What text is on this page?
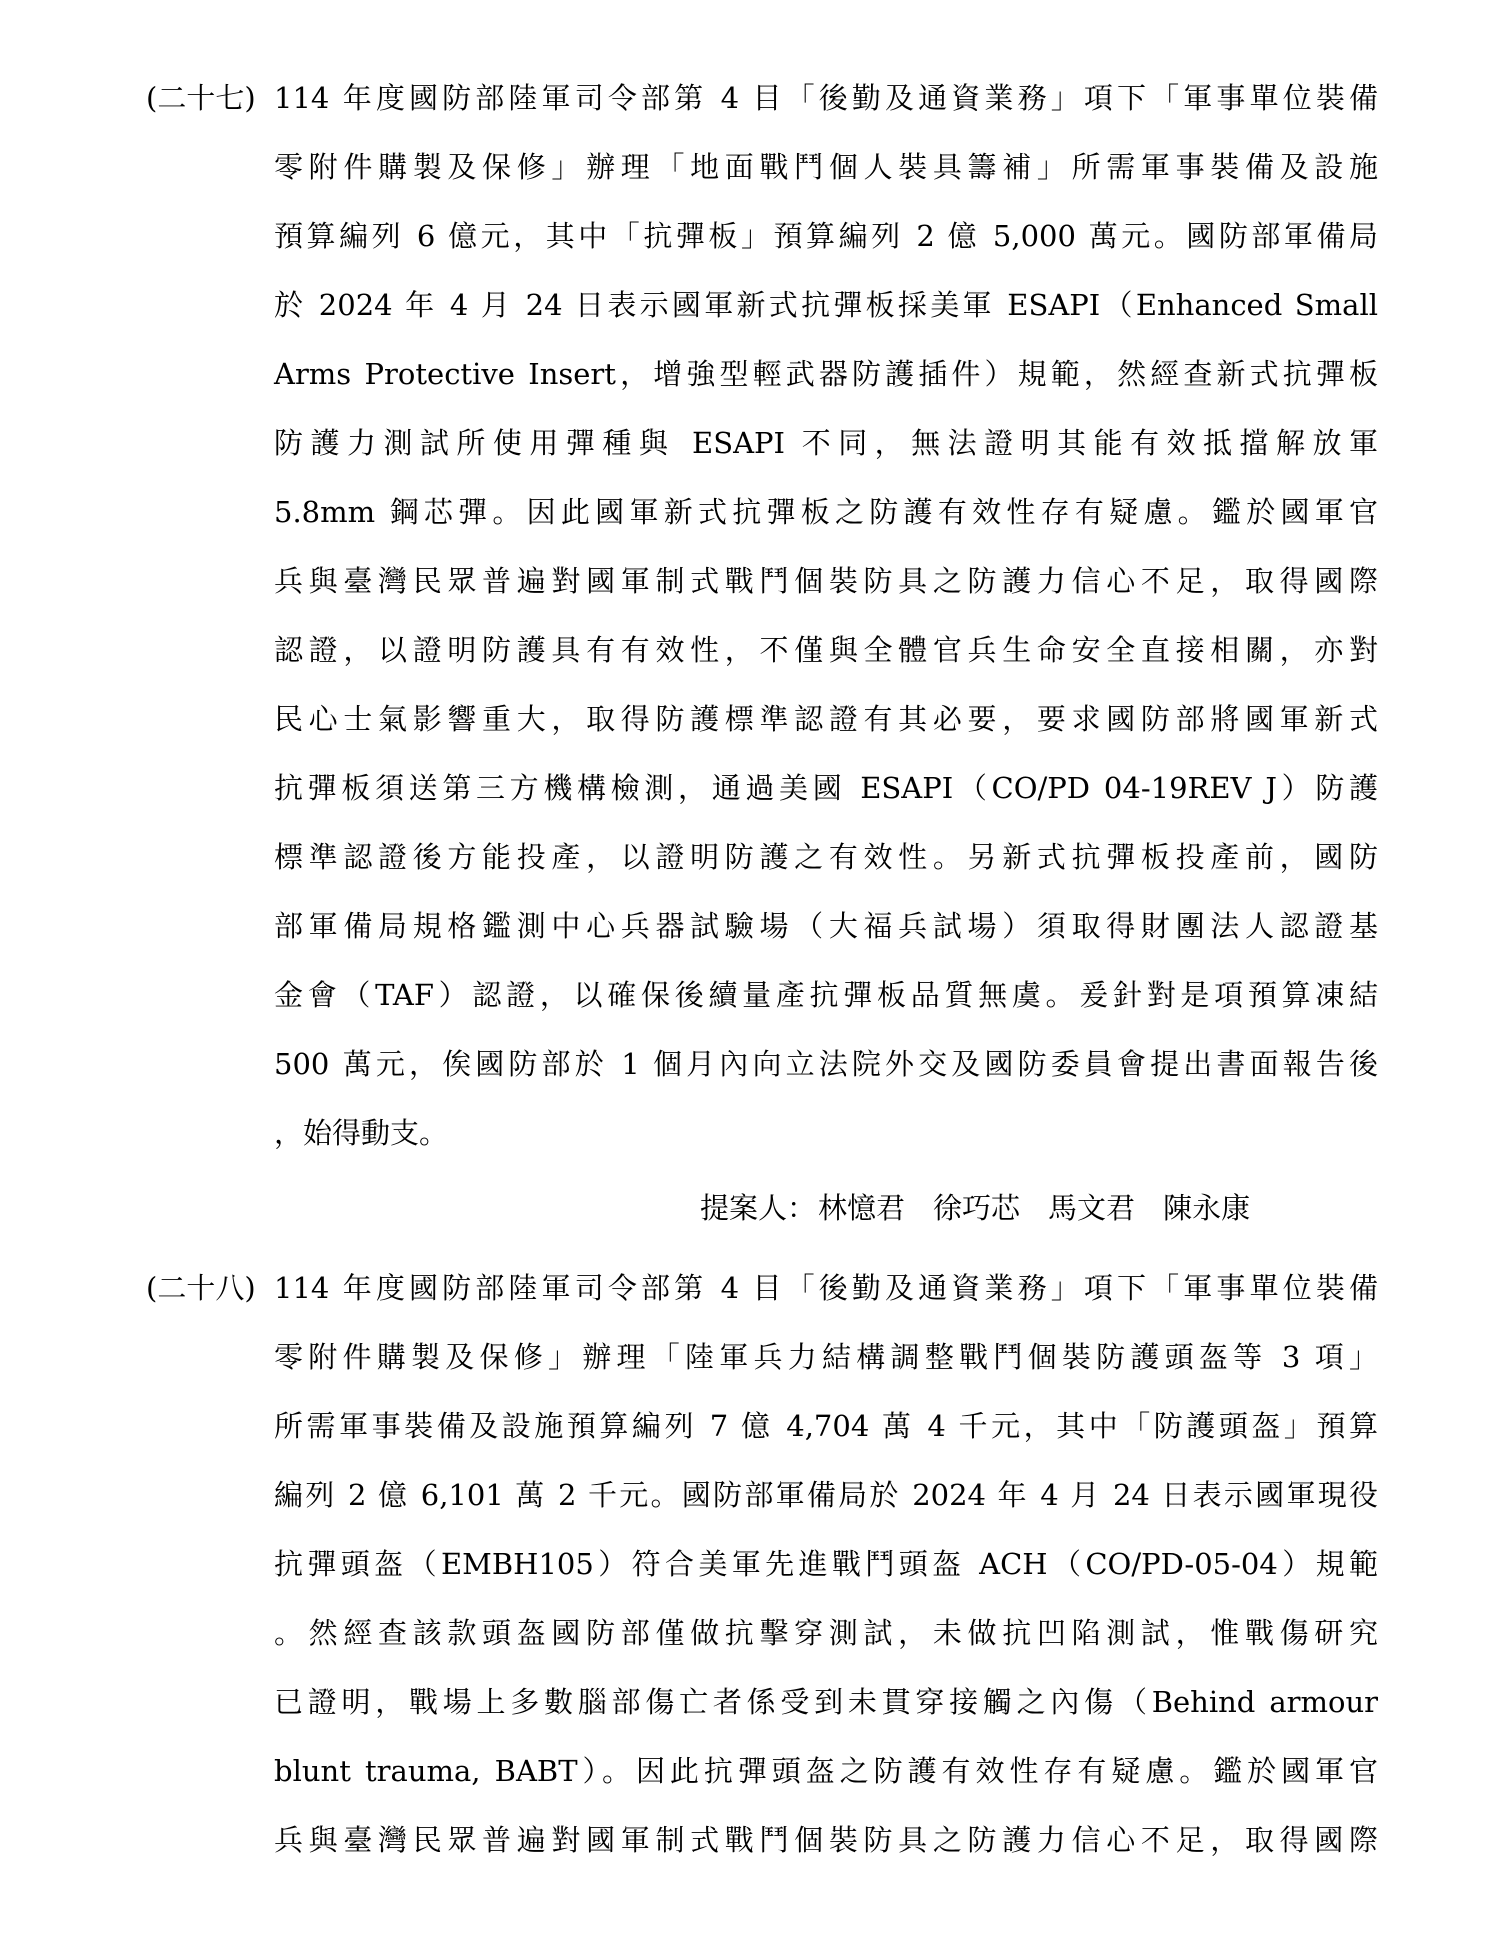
(二十七) 114 年度國防部陸軍司令部第 4 目「後勤及通資業務」項下「軍事單位裝備
零附件購製及保修」辦理「地面戰鬥個人裝具籌補」所需軍事裝備及設施
預算編列 6 億元，其中「抗彈板」預算編列 2 億 5,000 萬元。國防部軍備局
於 2024 年 4 月 24 日表示國軍新式抗彈板採美軍 ESAPI（Enhanced Small
Arms Protective Insert，增強型輕武器防護插件）規範，然經查新式抗彈板
防護力測試所使用彈種與 ESAPI 不同，無法證明其能有效抵擋解放軍
5.8mm 鋼芯彈。因此國軍新式抗彈板之防護有效性存有疑慮。鑑於國軍官
兵與臺灣民眾普遍對國軍制式戰鬥個裝防具之防護力信心不足，取得國際
認證，以證明防護具有有效性，不僅與全體官兵生命安全直接相關，亦對
民心士氣影響重大，取得防護標準認證有其必要，要求國防部將國軍新式
抗彈板須送第三方機構檢測，通過美國 ESAPI（CO/PD 04-19REV J）防護
標準認證後方能投產，以證明防護之有效性。另新式抗彈板投產前，國防
部軍備局規格鑑測中心兵器試驗場（大福兵試場）須取得財團法人認證基
金會（TAF）認證，以確保後續量產抗彈板品質無虞。爰針對是項預算凍結
500 萬元，俟國防部於 1 個月內向立法院外交及國防委員會提出書面報告後
，始得動支。
提案人：林憶君 徐巧芯 馬文君 陳永康
(二十八) 114 年度國防部陸軍司令部第 4 目「後勤及通資業務」項下「軍事單位裝備
零附件購製及保修」辦理「陸軍兵力結構調整戰鬥個裝防護頭盔等 3 項」
所需軍事裝備及設施預算編列 7 億 4,704 萬 4 千元，其中「防護頭盔」預算
編列 2 億 6,101 萬 2 千元。國防部軍備局於 2024 年 4 月 24 日表示國軍現役
抗彈頭盔（EMBH105）符合美軍先進戰鬥頭盔 ACH（CO/PD-05-04）規範
。然經查該款頭盔國防部僅做抗擊穿測試，未做抗凹陷測試，惟戰傷研究
已證明，戰場上多數腦部傷亡者係受到未貫穿接觸之內傷（Behind armour
blunt trauma, BABT）。因此抗彈頭盔之防護有效性存有疑慮。鑑於國軍官
兵與臺灣民眾普遍對國軍制式戰鬥個裝防具之防護力信心不足，取得國際
